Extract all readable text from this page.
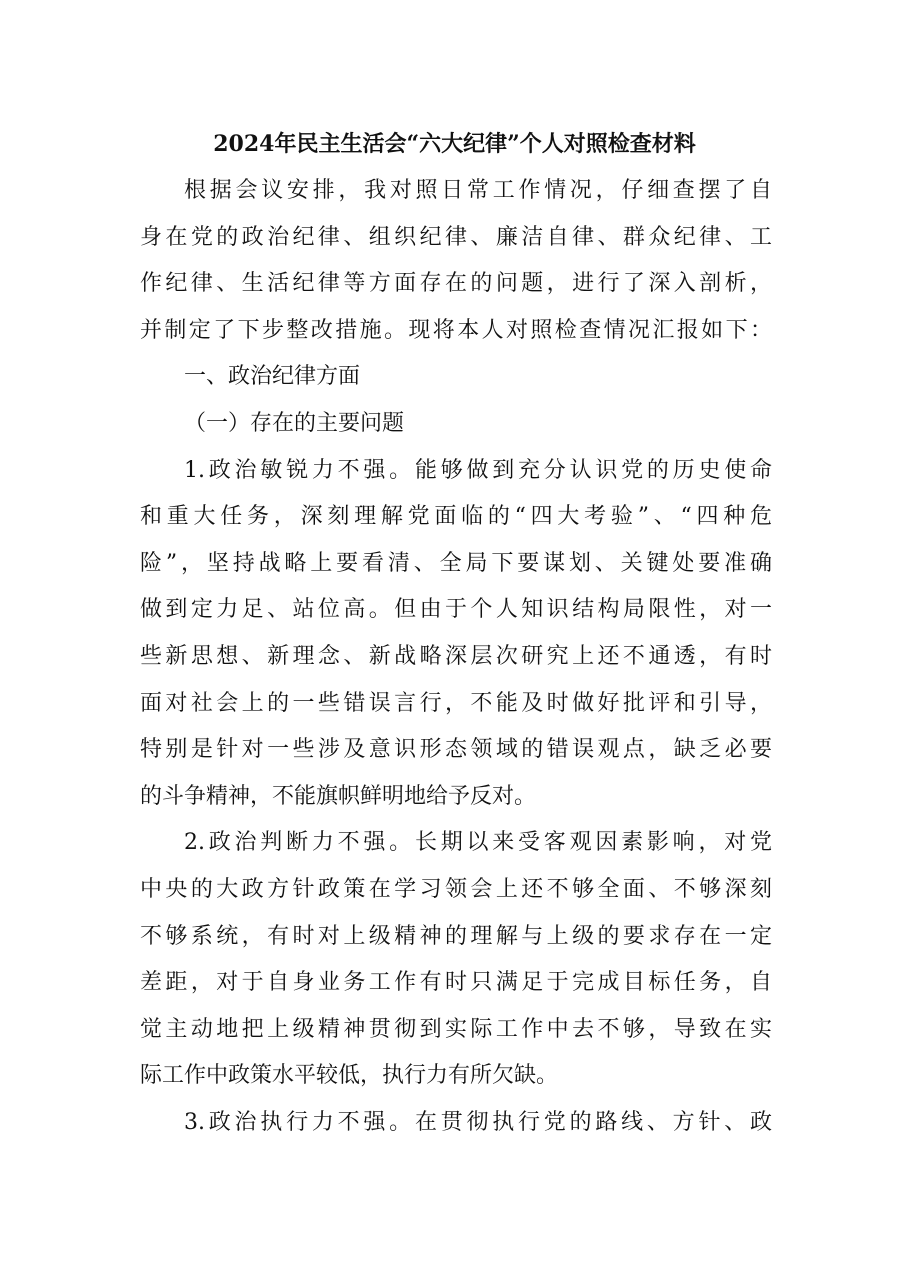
2024年民主生活会“六大纪律”个人对照检查材料
根据会议安排，我对照日常工作情况，仔细查摆了自
身在党的政治纪律、组织纪律、廉洁自律、群众纪律、工
作纪律、生活纪律等方面存在的问题，进行了深入剖析，
并制定了下步整改措施。现将本人对照检查情况汇报如下：
一、政治纪律方面
（一）存在的主要问题
1.政治敏锐力不强。能够做到充分认识党的历史使命
和重大任务，深刻理解党面临的“四大考验”、“四种危
险”，坚持战略上要看清、全局下要谋划、关键处要准确
做到定力足、站位高。但由于个人知识结构局限性，对一
些新思想、新理念、新战略深层次研究上还不通透，有时
面对社会上的一些错误言行，不能及时做好批评和引导，
特别是针对一些涉及意识形态领域的错误观点，缺乏必要
的斗争精神，不能旗帜鲜明地给予反对。
2.政治判断力不强。长期以来受客观因素影响，对党
中央的大政方针政策在学习领会上还不够全面、不够深刻
不够系统，有时对上级精神的理解与上级的要求存在一定
差距，对于自身业务工作有时只满足于完成目标任务，自
觉主动地把上级精神贯彻到实际工作中去不够，导致在实
际工作中政策水平较低，执行力有所欠缺。
3.政治执行力不强。在贯彻执行党的路线、方针、政
